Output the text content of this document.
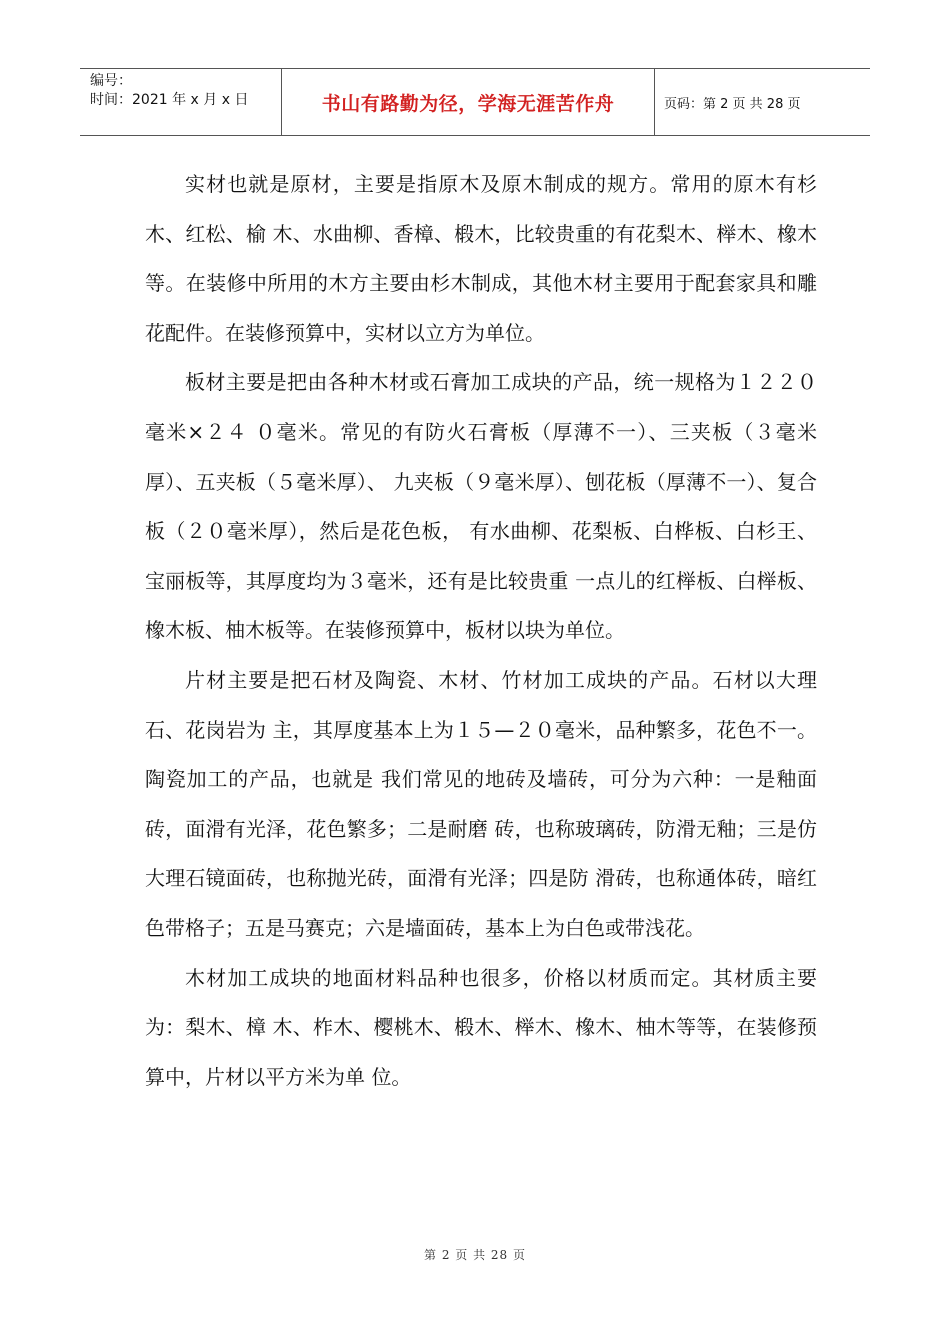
编号：
时间：2021 年 x 月 x 日	书山有路勤为径，学海无涯苦作舟	页码：第 2 页 共 28 页

实材也就是原材，主要是指原木及原木制成的规方。常用的原木有杉木、红松、榆 木、水曲柳、香樟、椴木，比较贵重的有花梨木、榉木、橡木等。在装修中所用的木方主要由杉木制成，其他木材主要用于配套家具和雕花配件。在装修预算中，实材以立方为单位。

板材主要是把由各种木材或石膏加工成块的产品，统一规格为１２２０毫米×２４ ０毫米。常见的有防火石膏板（厚薄不一）、三夹板（３毫米厚）、五夹板（５毫米厚）、 九夹板（９毫米厚）、刨花板（厚薄不一）、复合板（２０毫米厚），然后是花色板， 有水曲柳、花梨板、白桦板、白杉王、宝丽板等，其厚度均为３毫米，还有是比较贵重 一点儿的红榉板、白榉板、橡木板、柚木板等。在装修预算中，板材以块为单位。

片材主要是把石材及陶瓷、木材、竹材加工成块的产品。石材以大理石、花岗岩为 主，其厚度基本上为１５—２０毫米，品种繁多，花色不一。陶瓷加工的产品，也就是 我们常见的地砖及墙砖，可分为六种：一是釉面砖，面滑有光泽，花色繁多；二是耐磨 砖，也称玻璃砖，防滑无釉；三是仿大理石镜面砖，也称抛光砖，面滑有光泽；四是防 滑砖，也称通体砖，暗红色带格子；五是马赛克；六是墙面砖，基本上为白色或带浅花。

木材加工成块的地面材料品种也很多，价格以材质而定。其材质主要为：梨木、樟 木、柞木、樱桃木、椴木、榉木、橡木、柚木等等，在装修预算中，片材以平方米为单 位。

第 2 页 共 28 页
